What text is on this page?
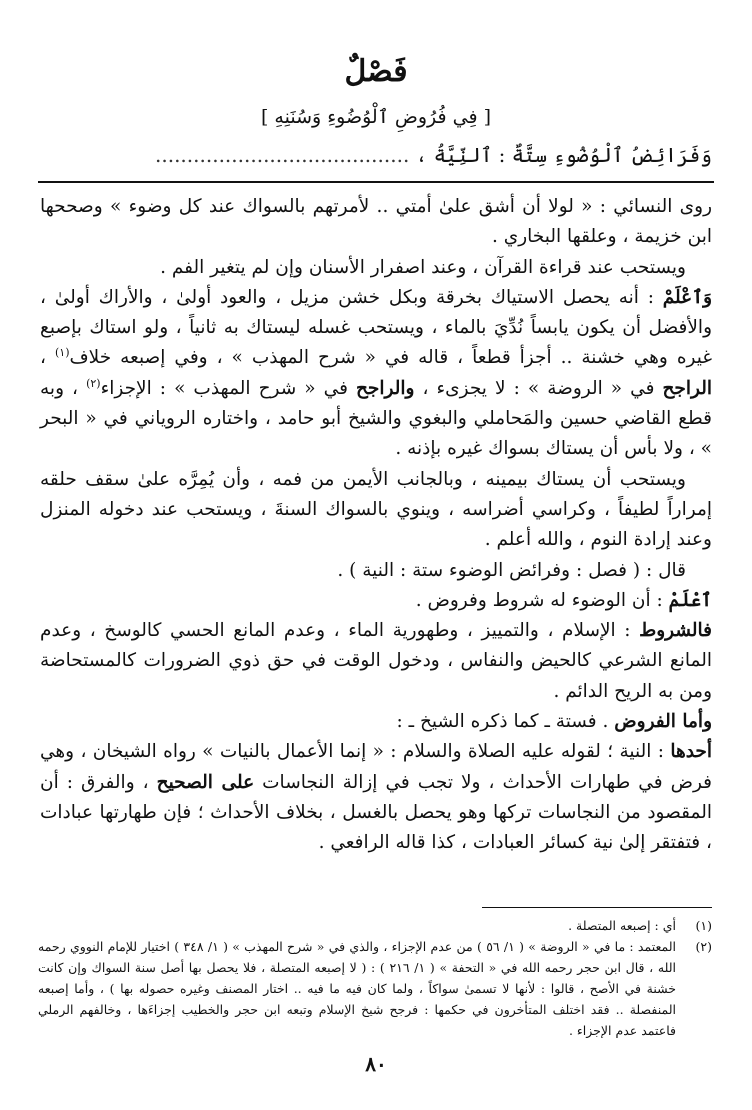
فَصْلٌ
[ فِي فُرُوضِ ٱلْوُضُوءِ وَسُنَنِهِ ]
وَفَرَائِضُ ٱلْوُضُوءِ سِتَّةٌ : ٱلنِّيَّةُ ، ........................................

روى النسائي : « لولا أن أشق علىٰ أمتي .. لأمرتهم بالسواك عند كل وضوء » وصححها ابن خزيمة ، وعلقها البخاري .

ويستحب عند قراءة القرآن ، وعند اصفرار الأسنان وإن لم يتغير الفم .

وَٱعْلَمْ : أنه يحصل الاستياك بخرقة وبكل خشن مزيل ، والعود أولىٰ ، والأراك أولىٰ ، والأفضل أن يكون يابساً نُدِّيَ بالماء ، ويستحب غسله ليستاك به ثانياً ، ولو استاك بإصبع غيره وهي خشنة .. أجزأ قطعاً ، قاله في « شرح المهذب » ، وفي إصبعه خلاف$^{(١)}$ ، الراجح في « الروضة » : لا يجزىء ، والراجح في « شرح المهذب » : الإجزاء$^{(٢)}$ ، وبه قطع القاضي حسين والمَحاملي والبغوي والشيخ أبو حامد ، واختاره الروياني في « البحر » ، ولا بأس أن يستاك بسواك غيره بإذنه .

ويستحب أن يستاك بيمينه ، وبالجانب الأيمن من فمه ، وأن يُمِرَّه علىٰ سقف حلقه إمراراً لطيفاً ، وكراسي أضراسه ، وينوي بالسواك السنةَ ، ويستحب عند دخوله المنزل وعند إرادة النوم ، والله أعلم .

قال : ( فصل : وفرائض الوضوء ستة : النية ) .

ٱعْلَمْ : أن الوضوء له شروط وفروض .

فالشروط : الإسلام ، والتمييز ، وطهورية الماء ، وعدم المانع الحسي كالوسخ ، وعدم المانع الشرعي كالحيض والنفاس ، ودخول الوقت في حق ذوي الضرورات كالمستحاضة ومن به الريح الدائم .

وأما الفروض . فستة ـ كما ذكره الشيخ ـ :

أحدها : النية ؛ لقوله عليه الصلاة والسلام : « إنما الأعمال بالنيات » رواه الشيخان ، وهي فرض في طهارات الأحداث ، ولا تجب في إزالة النجاسات على الصحيح ، والفرق : أن المقصود من النجاسات تركها وهو يحصل بالغسل ، بخلاف الأحداث ؛ فإن طهارتها عبادات ، فتفتقر إلىٰ نية كسائر العبادات ، كذا قاله الرافعي .

(١)
أي : إصبعه المتصلة .
(٢)
المعتمد : ما في « الروضة » ( ١/ ٥٦ ) من عدم الإجزاء ، والذي في « شرح المهذب » ( ١/ ٣٤٨ ) اختيار للإمام النووي رحمه الله ، قال ابن حجر رحمه الله في « التحفة » ( ١/ ٢١٦ ) : ( لا إصبعه المتصلة ، فلا يحصل بها أصل سنة السواك وإن كانت خشنة في الأصح ، قالوا : لأنها لا تسمىٰ سواكاً ، ولما كان فيه ما فيه .. اختار المصنف وغيره حصوله بها ) ، وأما إصبعه المنفصلة .. فقد اختلف المتأخرون في حكمها : فرجح شيخ الإسلام وتبعه ابن حجر والخطيب إجزاءَها ، وخالفهم الرملي فاعتمد عدم الإجزاء .
٨٠
